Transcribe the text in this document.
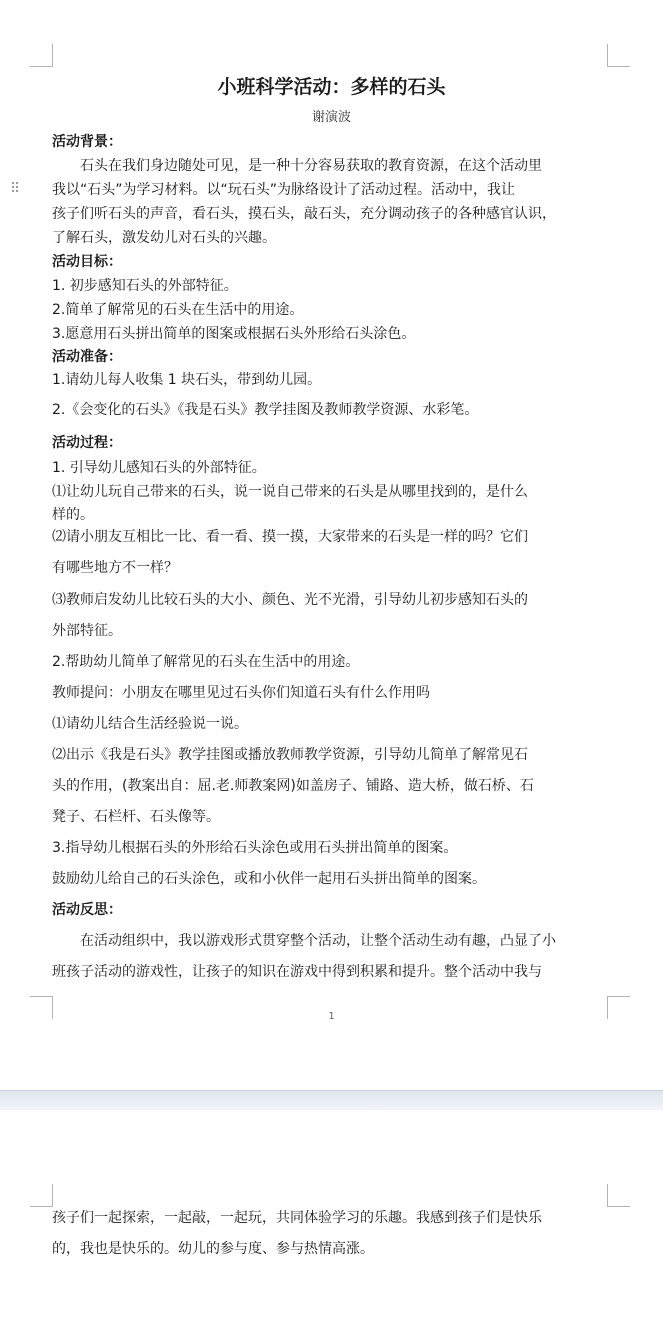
⠿
小班科学活动：多样的石头
谢演波
活动背景：
　　石头在我们身边随处可见，是一种十分容易获取的教育资源，在这个活动里
我以“石头”为学习材料。以“玩石头”为脉络设计了活动过程。活动中，我让
孩子们听石头的声音，看石头，摸石头，敲石头，充分调动孩子的各种感官认识，
了解石头，激发幼儿对石头的兴趣。
活动目标：
1. 初步感知石头的外部特征。
2.简单了解常见的石头在生活中的用途。
3.愿意用石头拼出简单的图案或根据石头外形给石头涂色。
活动准备：
1.请幼儿每人收集 1 块石头，带到幼儿园。
2.《会变化的石头》《我是石头》教学挂图及教师教学资源、水彩笔。
活动过程：
1. 引导幼儿感知石头的外部特征。
⑴让幼儿玩自己带来的石头，说一说自己带来的石头是从哪里找到的，是什么
样的。
⑵请小朋友互相比一比、看一看、摸一摸，大家带来的石头是一样的吗？它们
有哪些地方不一样？
⑶教师启发幼儿比较石头的大小、颜色、光不光滑，引导幼儿初步感知石头的
外部特征。
2.帮助幼儿简单了解常见的石头在生活中的用途。
教师提问：小朋友在哪里见过石头你们知道石头有什么作用吗
⑴请幼儿结合生活经验说一说。
⑵出示《我是石头》教学挂图或播放教师教学资源，引导幼儿简单了解常见石
头的作用，(教案出自：屈.老.师教案网)如盖房子、铺路、造大桥，做石桥、石
凳子、石栏杆、石头像等。
3.指导幼儿根据石头的外形给石头涂色或用石头拼出简单的图案。
鼓励幼儿给自己的石头涂色，或和小伙伴一起用石头拼出简单的图案。
活动反思：
　　在活动组织中，我以游戏形式贯穿整个活动，让整个活动生动有趣，凸显了小
班孩子活动的游戏性，让孩子的知识在游戏中得到积累和提升。整个活动中我与
1
孩子们一起探索，一起敲，一起玩，共同体验学习的乐趣。我感到孩子们是快乐
的，我也是快乐的。幼儿的参与度、参与热情高涨。
